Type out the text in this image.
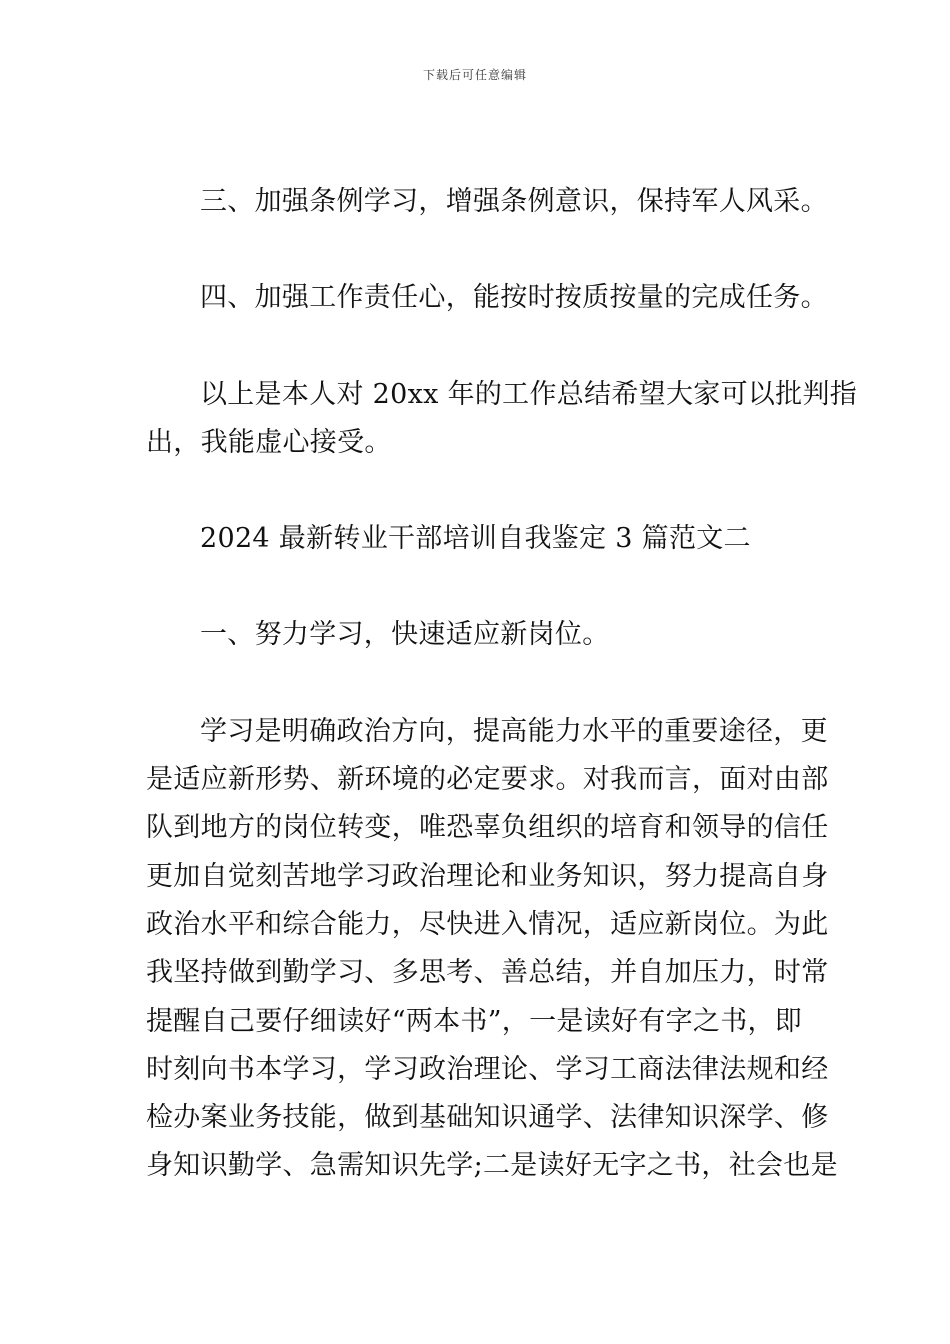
下载后可任意编辑

三、加强条例学习，增强条例意识，保持军人风采。

四、加强工作责任心，能按时按质按量的完成任务。

以上是本人对 20xx 年的工作总结希望大家可以批判指
出，我能虚心接受。

2024 最新转业干部培训自我鉴定 3 篇范文二

一、努力学习，快速适应新岗位。

学习是明确政治方向，提高能力水平的重要途径，更
是适应新形势、新环境的必定要求。对我而言，面对由部
队到地方的岗位转变，唯恐辜负组织的培育和领导的信任
更加自觉刻苦地学习政治理论和业务知识，努力提高自身
政治水平和综合能力，尽快进入情况，适应新岗位。为此
我坚持做到勤学习、多思考、善总结，并自加压力，时常
提醒自己要仔细读好“两本书”，一是读好有字之书，即
时刻向书本学习，学习政治理论、学习工商法律法规和经
检办案业务技能，做到基础知识通学、法律知识深学、修
身知识勤学、急需知识先学;二是读好无字之书，社会也是
